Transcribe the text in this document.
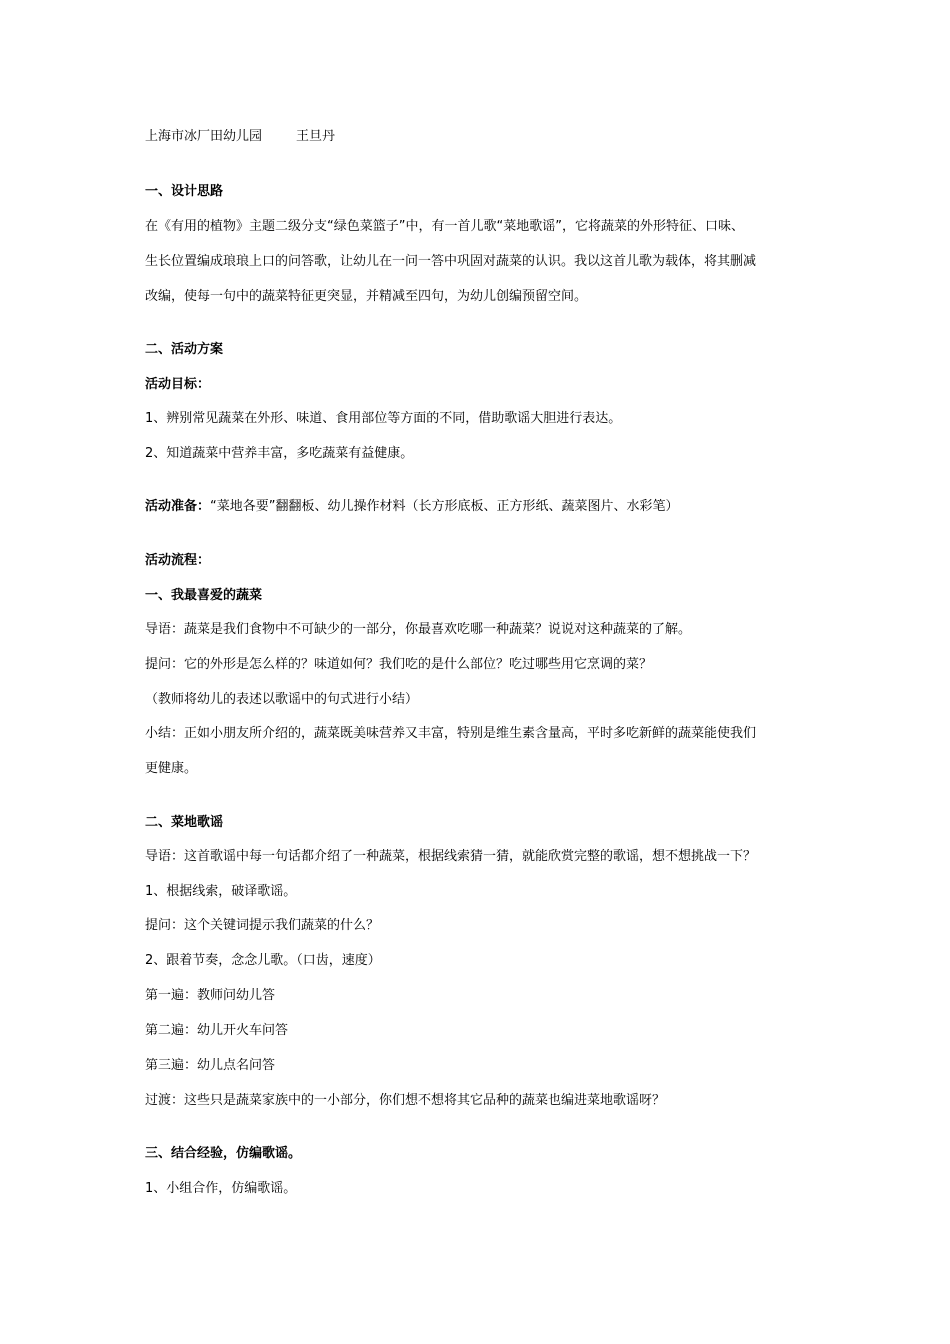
上海市冰厂田幼儿园	王旦丹
一、设计思路
在《有用的植物》主题二级分支“绿色菜篮子”中，有一首儿歌“菜地歌谣”，它将蔬菜的外形特征、口味、
生长位置编成琅琅上口的问答歌，让幼儿在一问一答中巩固对蔬菜的认识。我以这首儿歌为载体，将其删减
改编，使每一句中的蔬菜特征更突显，并精减至四句，为幼儿创编预留空间。
二、活动方案
活动目标：
1、辨别常见蔬菜在外形、味道、食用部位等方面的不同，借助歌谣大胆进行表达。
2、知道蔬菜中营养丰富，多吃蔬菜有益健康。
活动准备：“菜地各要”翻翻板、幼儿操作材料（长方形底板、正方形纸、蔬菜图片、水彩笔）
活动流程：
一、我最喜爱的蔬菜
导语：蔬菜是我们食物中不可缺少的一部分，你最喜欢吃哪一种蔬菜？说说对这种蔬菜的了解。
提问：它的外形是怎么样的？味道如何？我们吃的是什么部位？吃过哪些用它烹调的菜？
（教师将幼儿的表述以歌谣中的句式进行小结）
小结：正如小朋友所介绍的，蔬菜既美味营养又丰富，特别是维生素含量高，平时多吃新鲜的蔬菜能使我们
更健康。
二、菜地歌谣
导语：这首歌谣中每一句话都介绍了一种蔬菜，根据线索猜一猜，就能欣赏完整的歌谣，想不想挑战一下？
1、根据线索，破译歌谣。
提问：这个关键词提示我们蔬菜的什么？
2、跟着节奏，念念儿歌。（口齿，速度）
第一遍：教师问幼儿答
第二遍：幼儿开火车问答
第三遍：幼儿点名问答
过渡：这些只是蔬菜家族中的一小部分，你们想不想将其它品种的蔬菜也编进菜地歌谣呀？
三、结合经验，仿编歌谣。
1、小组合作，仿编歌谣。
